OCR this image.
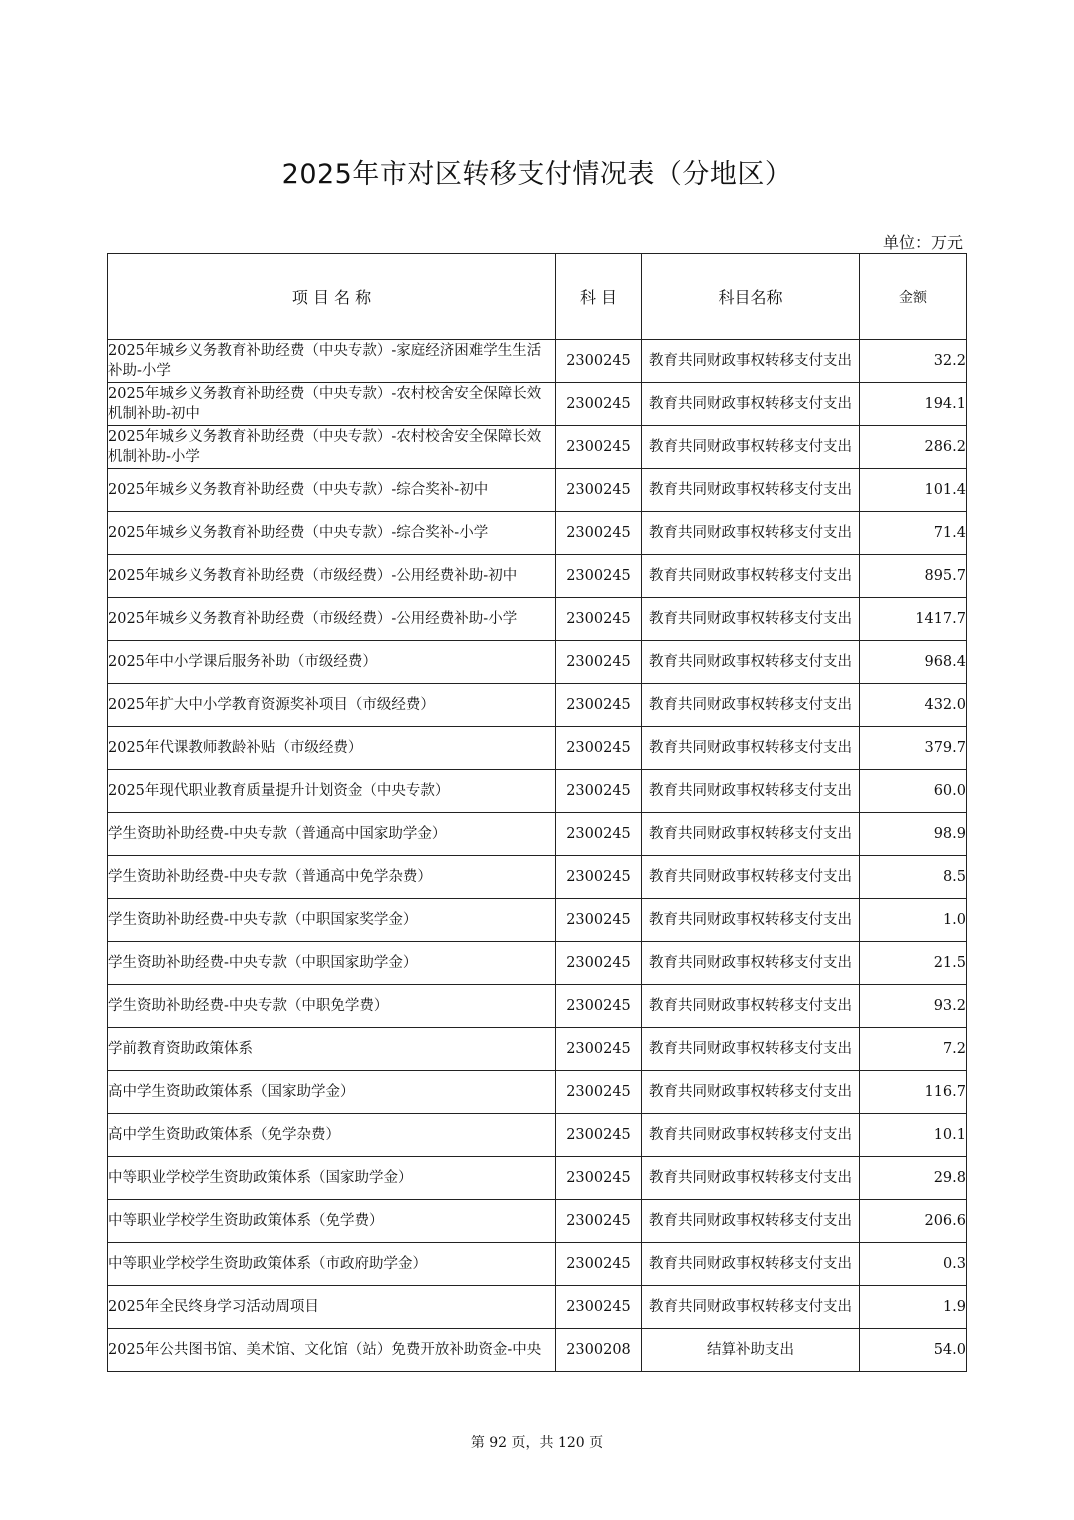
2025年市对区转移支付情况表（分地区）
单位：万元
项 目 名 称	科 目	科目名称	金额
2025年城乡义务教育补助经费（中央专款）-家庭经济困难学生生活补助-小学	2300245	教育共同财政事权转移支付支出	32.2
2025年城乡义务教育补助经费（中央专款）-农村校舍安全保障长效机制补助-初中	2300245	教育共同财政事权转移支付支出	194.1
2025年城乡义务教育补助经费（中央专款）-农村校舍安全保障长效机制补助-小学	2300245	教育共同财政事权转移支付支出	286.2
2025年城乡义务教育补助经费（中央专款）-综合奖补-初中	2300245	教育共同财政事权转移支付支出	101.4
2025年城乡义务教育补助经费（中央专款）-综合奖补-小学	2300245	教育共同财政事权转移支付支出	71.4
2025年城乡义务教育补助经费（市级经费）-公用经费补助-初中	2300245	教育共同财政事权转移支付支出	895.7
2025年城乡义务教育补助经费（市级经费）-公用经费补助-小学	2300245	教育共同财政事权转移支付支出	1417.7
2025年中小学课后服务补助（市级经费）	2300245	教育共同财政事权转移支付支出	968.4
2025年扩大中小学教育资源奖补项目（市级经费）	2300245	教育共同财政事权转移支付支出	432.0
2025年代课教师教龄补贴（市级经费）	2300245	教育共同财政事权转移支付支出	379.7
2025年现代职业教育质量提升计划资金（中央专款）	2300245	教育共同财政事权转移支付支出	60.0
学生资助补助经费-中央专款（普通高中国家助学金）	2300245	教育共同财政事权转移支付支出	98.9
学生资助补助经费-中央专款（普通高中免学杂费）	2300245	教育共同财政事权转移支付支出	8.5
学生资助补助经费-中央专款（中职国家奖学金）	2300245	教育共同财政事权转移支付支出	1.0
学生资助补助经费-中央专款（中职国家助学金）	2300245	教育共同财政事权转移支付支出	21.5
学生资助补助经费-中央专款（中职免学费）	2300245	教育共同财政事权转移支付支出	93.2
学前教育资助政策体系	2300245	教育共同财政事权转移支付支出	7.2
高中学生资助政策体系（国家助学金）	2300245	教育共同财政事权转移支付支出	116.7
高中学生资助政策体系（免学杂费）	2300245	教育共同财政事权转移支付支出	10.1
中等职业学校学生资助政策体系（国家助学金）	2300245	教育共同财政事权转移支付支出	29.8
中等职业学校学生资助政策体系（免学费）	2300245	教育共同财政事权转移支付支出	206.6
中等职业学校学生资助政策体系（市政府助学金）	2300245	教育共同财政事权转移支付支出	0.3
2025年全民终身学习活动周项目	2300245	教育共同财政事权转移支付支出	1.9
2025年公共图书馆、美术馆、文化馆（站）免费开放补助资金-中央	2300208	结算补助支出	54.0
第 92 页，共 120 页
